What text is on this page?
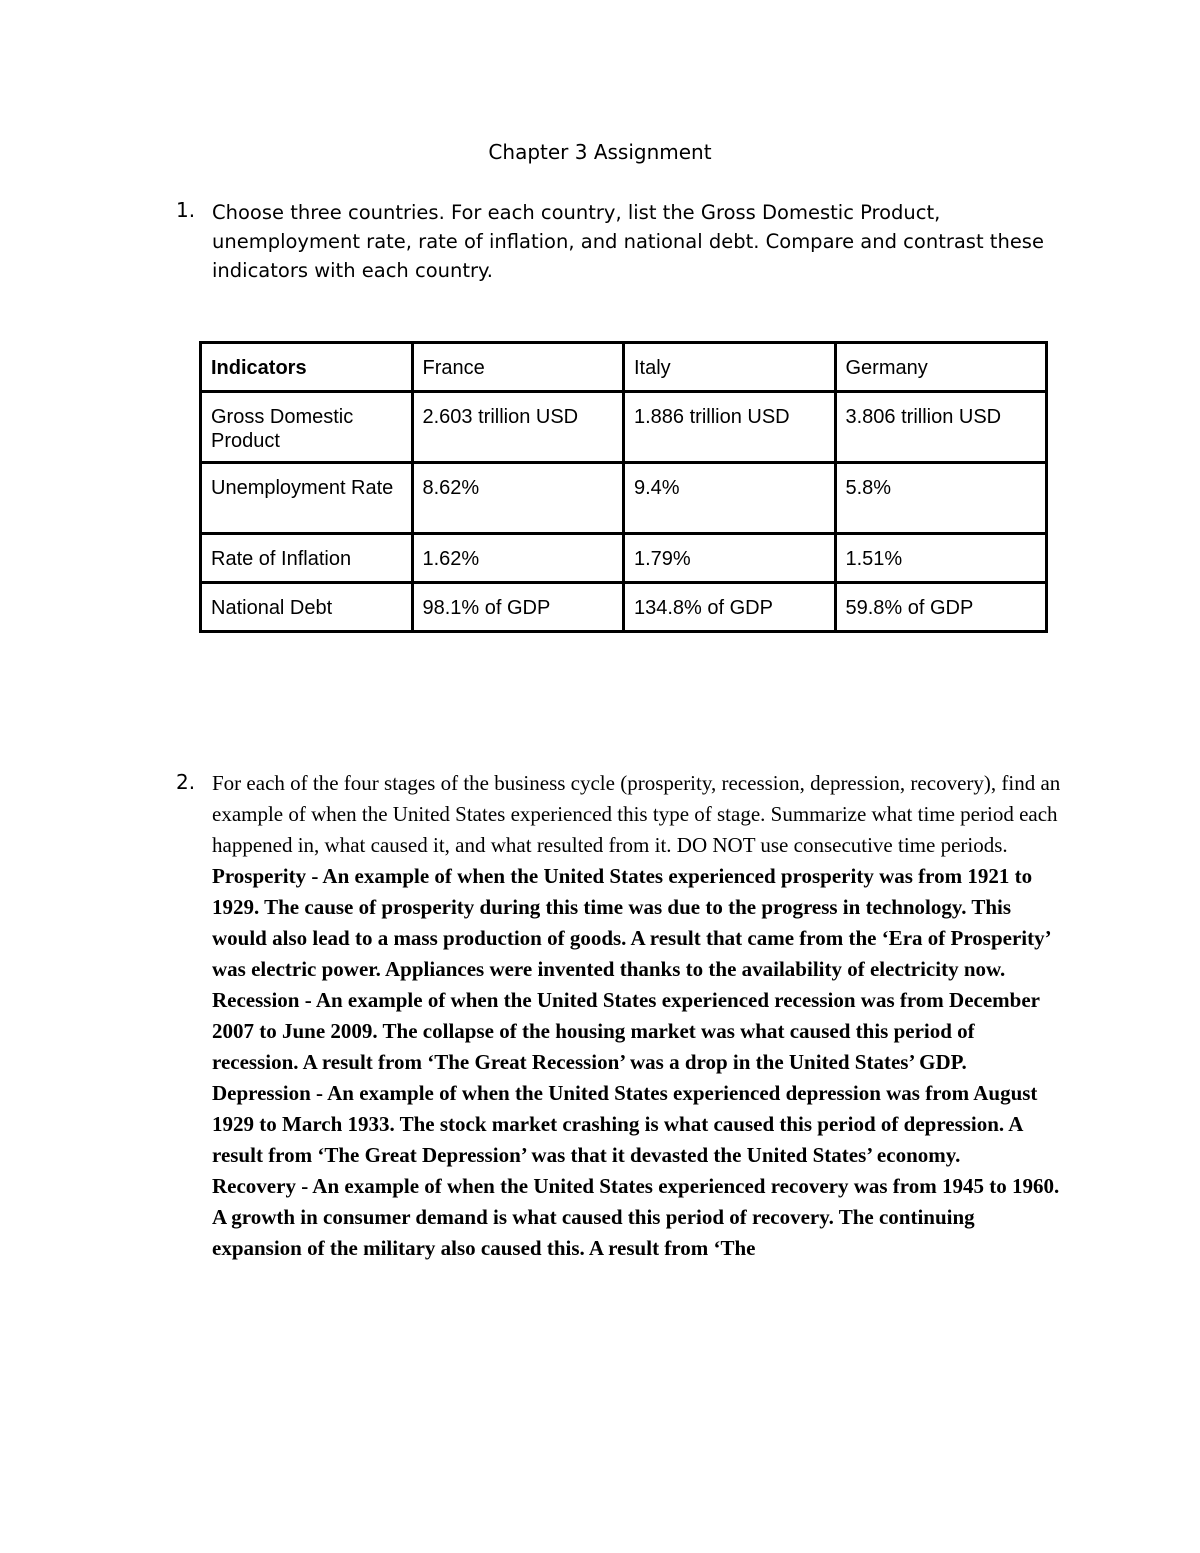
Chapter 3 Assignment
1. Choose three countries. For each country, list the Gross Domestic Product, unemployment rate, rate of inflation, and national debt. Compare and contrast these indicators with each country.

Indicators	France	Italy	Germany
Gross Domestic Product	2.603 trillion USD	1.886 trillion USD	3.806 trillion USD
Unemployment Rate	8.62%	9.4%	5.8%
Rate of Inflation	1.62%	1.79%	1.51%
National Debt	98.1% of GDP	134.8% of GDP	59.8% of GDP
2. For each of the four stages of the business cycle (prosperity, recession, depression, recovery), find an example of when the United States experienced this type of stage. Summarize what time period each happened in, what caused it, and what resulted from it. DO NOT use consecutive time periods.

Prosperity - An example of when the United States experienced prosperity was from 1921 to 1929. The cause of prosperity during this time was due to the progress in technology. This would also lead to a mass production of goods. A result that came from the ‘Era of Prosperity’ was electric power. Appliances were invented thanks to the availability of electricity now.

Recession - An example of when the United States experienced recession was from December 2007 to June 2009. The collapse of the housing market was what caused this period of recession. A result from ‘The Great Recession’ was a drop in the United States’ GDP.

Depression - An example of when the United States experienced depression was from August 1929 to March 1933. The stock market crashing is what caused this period of depression. A result from ‘The Great Depression’ was that it devasted the United States’ economy.

Recovery - An example of when the United States experienced recovery was from 1945 to 1960. A growth in consumer demand is what caused this period of recovery. The continuing expansion of the military also caused this. A result from ‘The
